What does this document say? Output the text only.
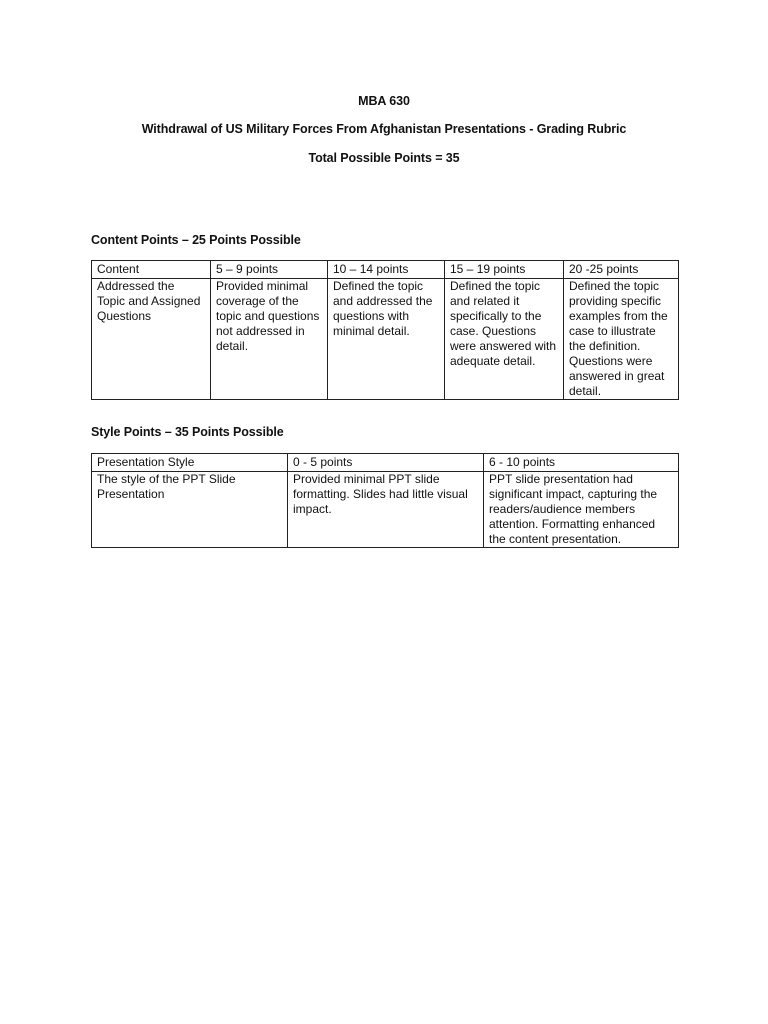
MBA 630
Withdrawal of US Military Forces From Afghanistan Presentations - Grading Rubric
Total Possible Points = 35
Content Points – 25 Points Possible
Content	5 – 9 points	10 – 14 points	15 – 19 points	20 -25 points
Addressed the Topic and Assigned Questions	Provided minimal coverage of the topic and questions not addressed in detail.	Defined the topic and addressed the questions with minimal detail.	Defined the topic and related it specifically to the case. Questions were answered with adequate detail.	Defined the topic providing specific examples from the case to illustrate the definition. Questions were answered in great detail.
Style Points – 35 Points Possible
Presentation Style	0 - 5 points	6 - 10 points
The style of the PPT Slide Presentation	Provided minimal PPT slide formatting. Slides had little visual impact.	PPT slide presentation had significant impact, capturing the readers/audience members attention. Formatting enhanced the content presentation.
